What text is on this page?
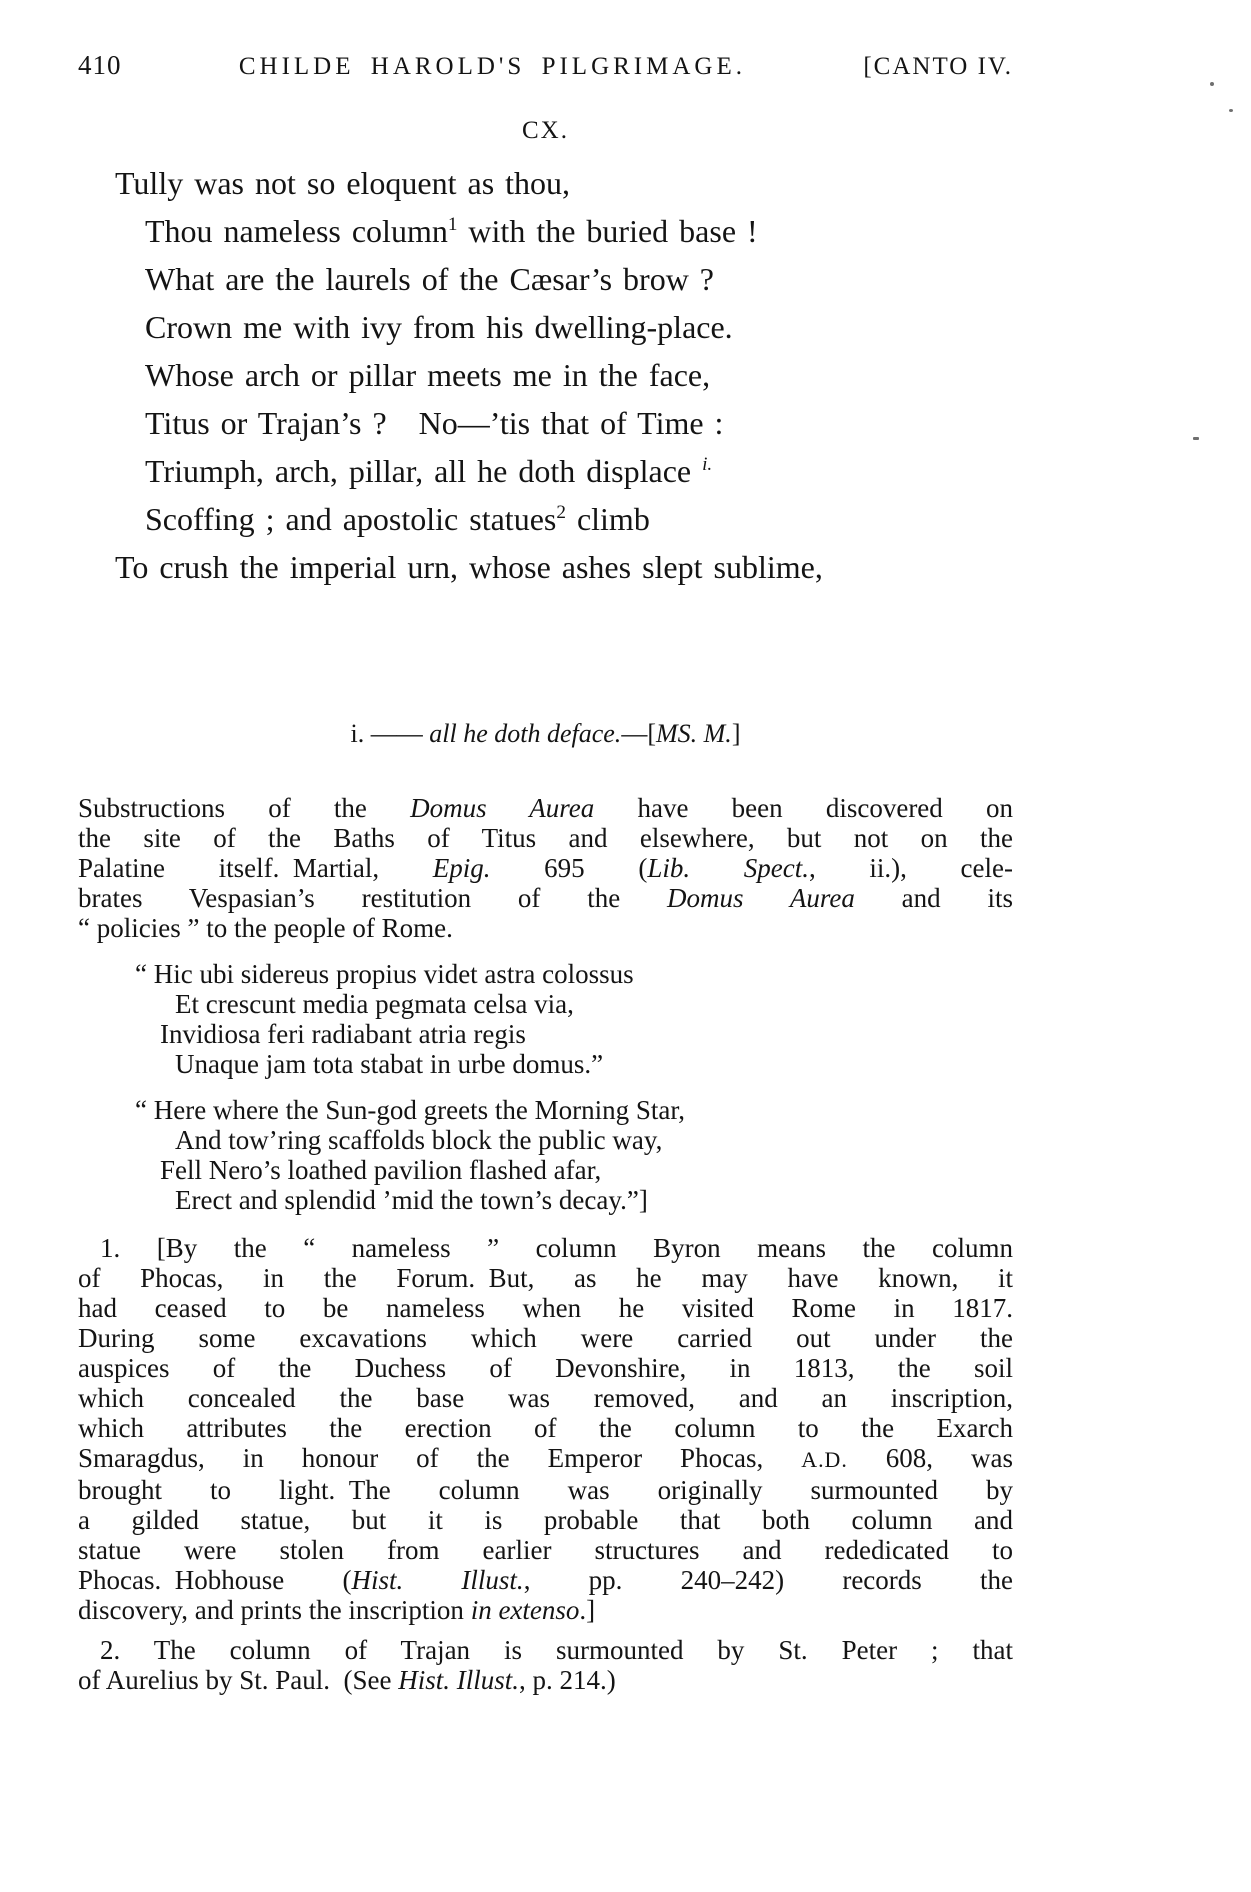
410	CHILDE HAROLD'S PILGRIMAGE.	[CANTO IV.
CX.
Tully was not so eloquent as thou,
Thou nameless column$^1$ with the buried base !
What are the laurels of the Cæsar’s brow ?
Crown me with ivy from his dwelling-place.
Whose arch or pillar meets me in the face,
Titus or Trajan’s ?  No—’tis that of Time :
Triumph, arch, pillar, all he doth displace $^{i.}$
Scoffing ; and apostolic statues$^2$ climb
To crush the imperial urn, whose ashes slept sublime,
i. —— all he doth deface.—[MS. M.]
Substructions of the Domus Aurea have been discovered on
the site of the Baths of Titus and elsewhere, but not on the
Palatine itself. Martial, Epig. 695 (Lib. Spect., ii.), cele-
brates Vespasian’s restitution of the Domus Aurea and its
“ policies ” to the people of Rome.
“ Hic ubi sidereus propius videt astra colossus
Et crescunt media pegmata celsa via,
Invidiosa feri radiabant atria regis
Unaque jam tota stabat in urbe domus.”
“ Here where the Sun-god greets the Morning Star,
And tow’ring scaffolds block the public way,
Fell Nero’s loathed pavilion flashed afar,
Erect and splendid ’mid the town’s decay.”]
1. [By the “ nameless ” column Byron means the column
of Phocas, in the Forum. But, as he may have known, it
had ceased to be nameless when he visited Rome in 1817.
During some excavations which were carried out under the
auspices of the Duchess of Devonshire, in 1813, the soil
which concealed the base was removed, and an inscription,
which attributes the erection of the column to the Exarch
Smaragdus, in honour of the Emperor Phocas, A.D. 608, was
brought to light. The column was originally surmounted by
a gilded statue, but it is probable that both column and
statue were stolen from earlier structures and rededicated to
Phocas. Hobhouse (Hist. Illust., pp. 240–242) records the
discovery, and prints the inscription in extenso.]
2. The column of Trajan is surmounted by St. Peter ; that
of Aurelius by St. Paul. (See Hist. Illust., p. 214.)
